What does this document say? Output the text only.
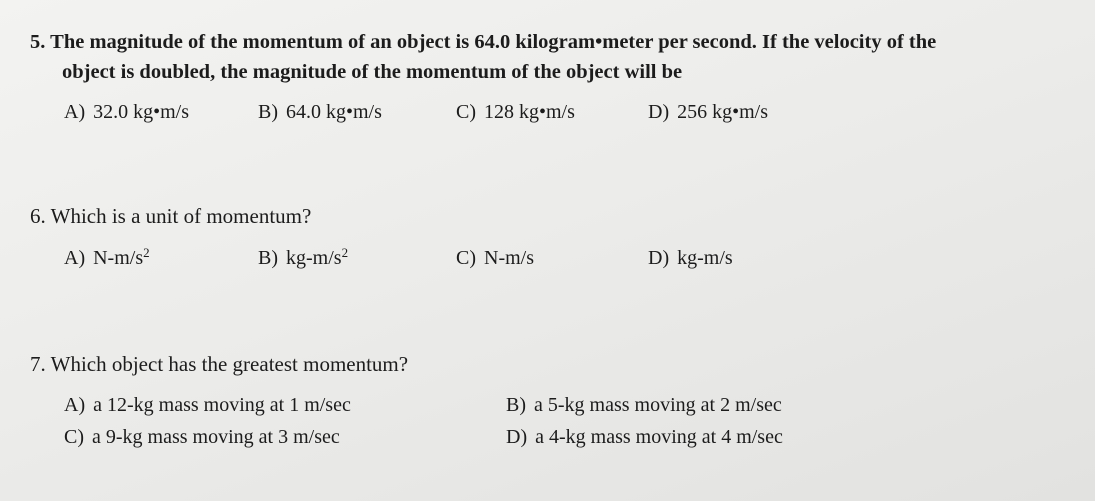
5. The magnitude of the momentum of an object is 64.0 kilogram•meter per second. If the velocity of the
object is doubled, the magnitude of the momentum of the object will be
A) 32.0 kg•m/s	B) 64.0 kg•m/s	C) 128 kg•m/s	D) 256 kg•m/s
6. Which is a unit of momentum?
A) $N-m/s^2$	B) $kg-m/s^2$	C) N-m/s	D) kg-m/s
7. Which object has the greatest momentum?
A) a 12-kg mass moving at 1 m/sec	B) a 5-kg mass moving at 2 m/sec
C) a 9-kg mass moving at 3 m/sec	D) a 4-kg mass moving at 4 m/sec
